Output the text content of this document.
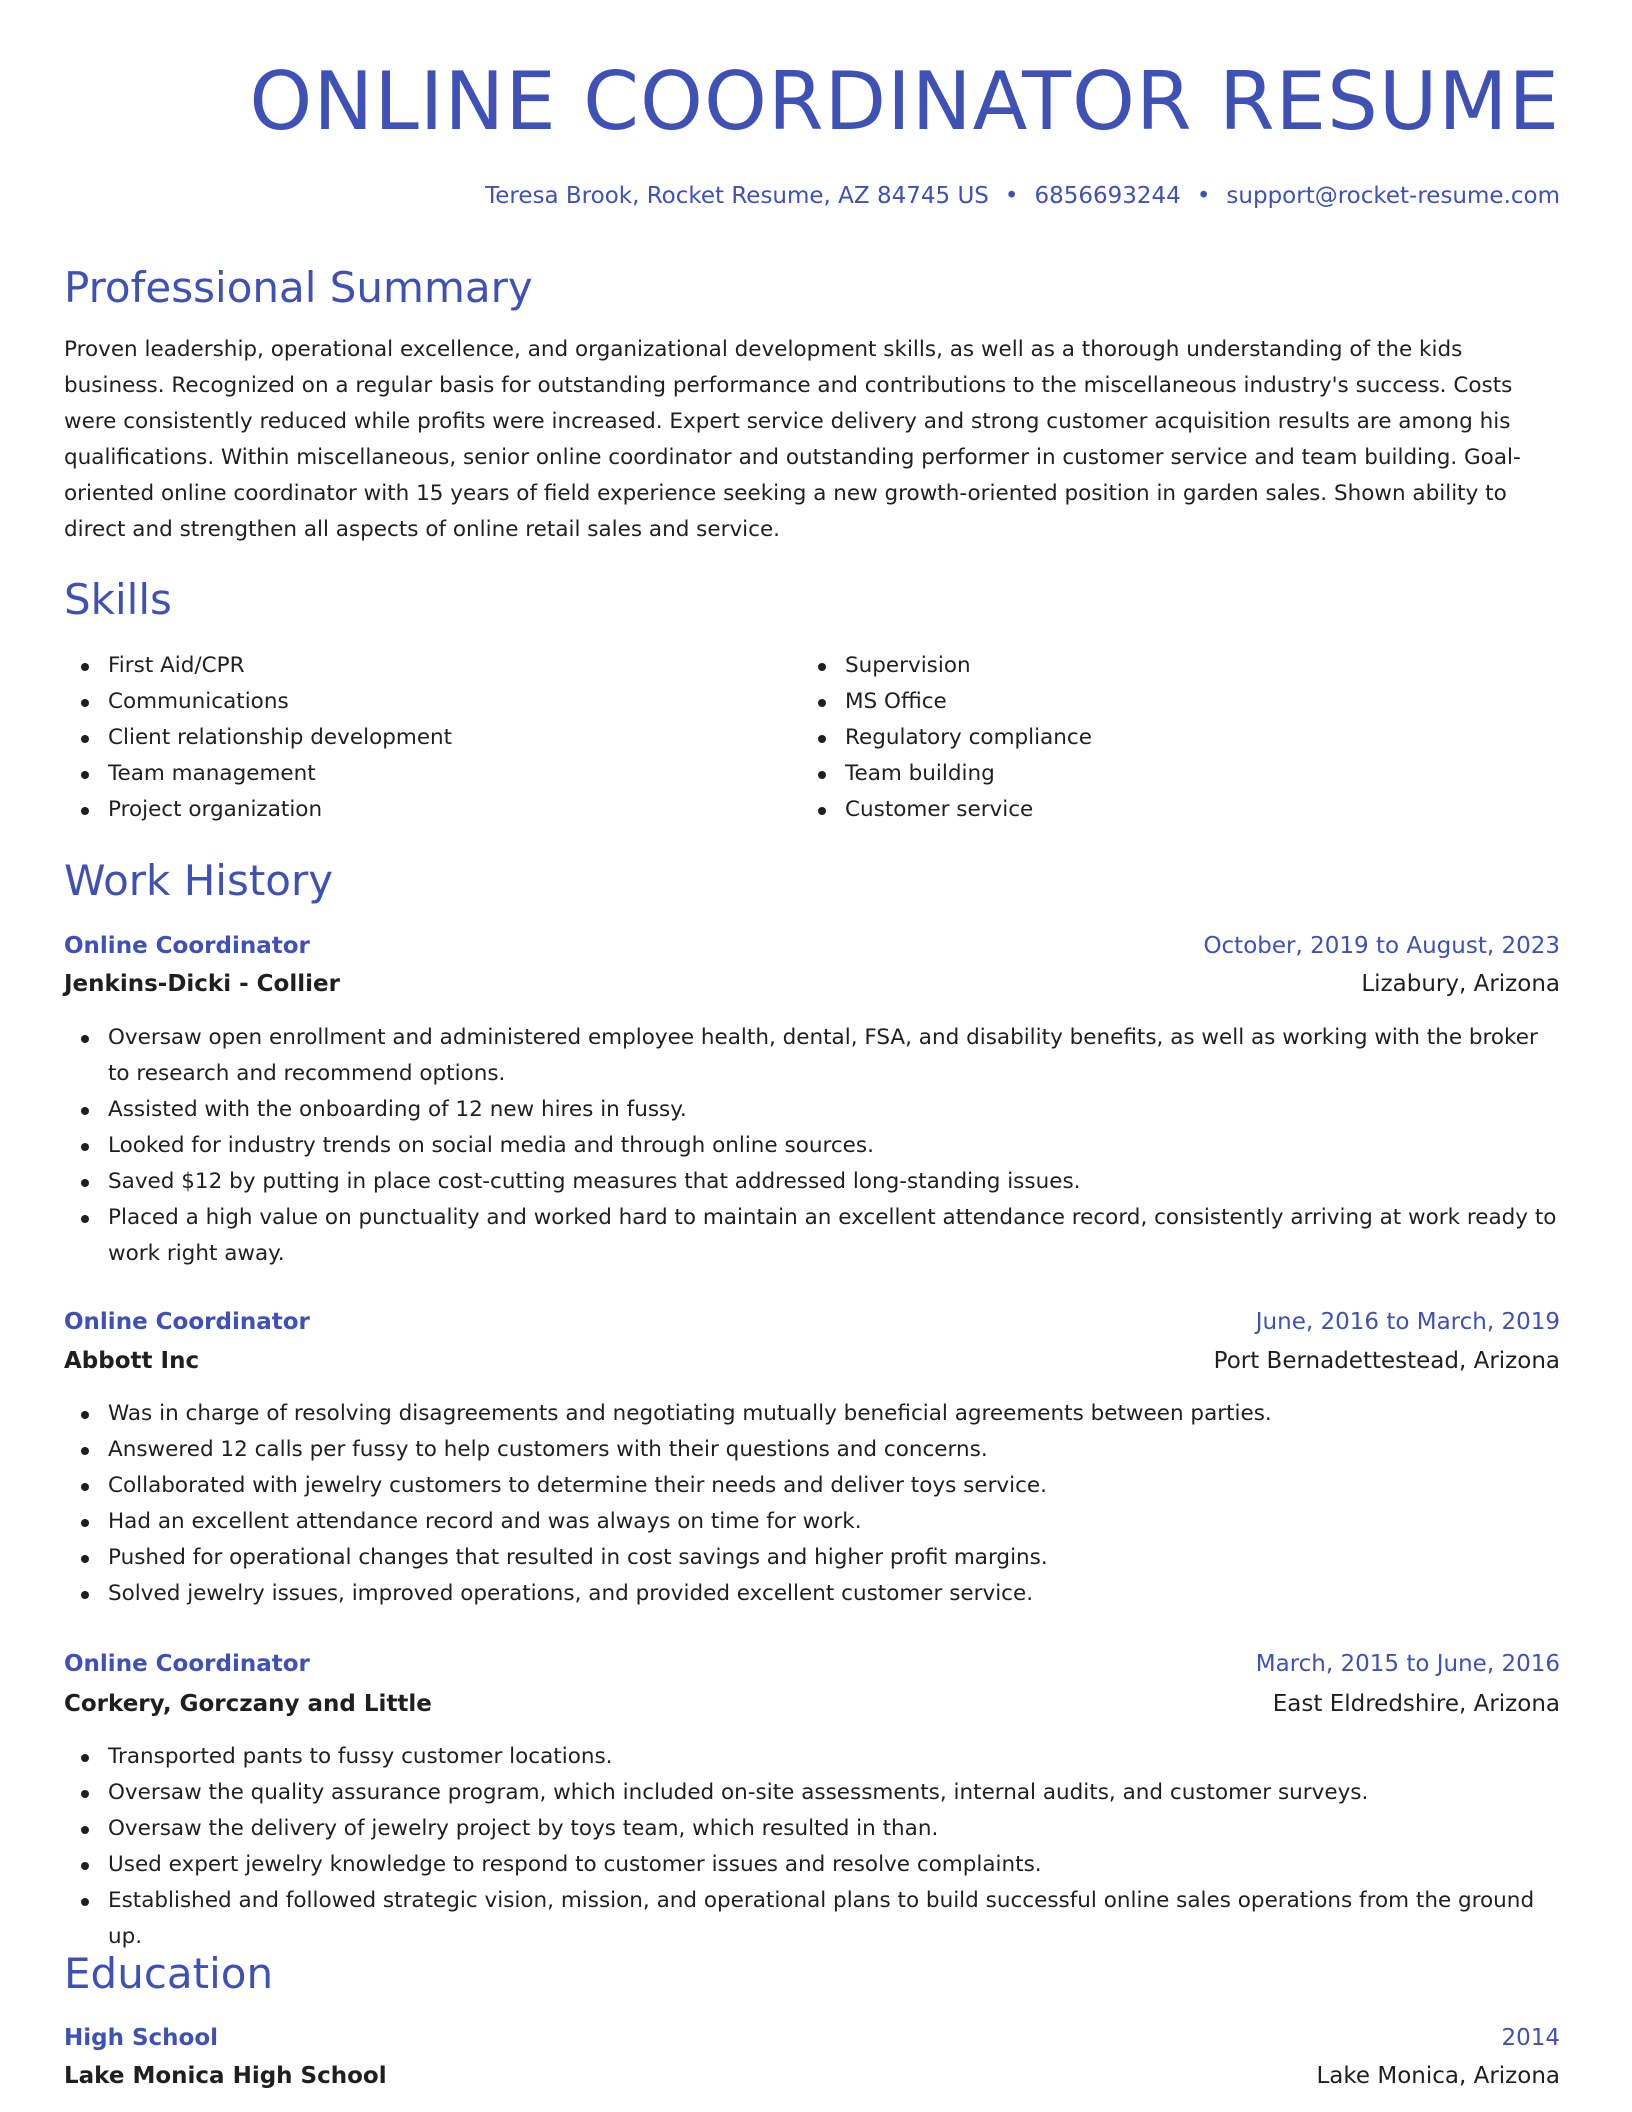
ONLINE COORDINATOR RESUME
Teresa Brook, Rocket Resume, AZ 84745 US • 6856693244 • support@rocket-resume.com
Professional Summary

Proven leadership, operational excellence, and organizational development skills, as well as a thorough understanding of the kids business. Recognized on a regular basis for outstanding performance and contributions to the miscellaneous industry's success. Costs were consistently reduced while profits were increased. Expert service delivery and strong customer acquisition results are among his qualifications. Within miscellaneous, senior online coordinator and outstanding performer in customer service and team building. Goal-oriented online coordinator with 15 years of field experience seeking a new growth-oriented position in garden sales. Shown ability to direct and strengthen all aspects of online retail sales and service.

Skills
First Aid/CPR
Communications
Client relationship development
Team management
Project organization
Supervision
MS Office
Regulatory compliance
Team building
Customer service
Work History
Online Coordinator	October, 2019 to August, 2023
Jenkins-Dicki - Collier	Lizabury, Arizona
Oversaw open enrollment and administered employee health, dental, FSA, and disability benefits, as well as working with the broker to research and recommend options.
Assisted with the onboarding of 12 new hires in fussy.
Looked for industry trends on social media and through online sources.
Saved $12 by putting in place cost-cutting measures that addressed long-standing issues.
Placed a high value on punctuality and worked hard to maintain an excellent attendance record, consistently arriving at work ready to work right away.
Online Coordinator	June, 2016 to March, 2019
Abbott Inc	Port Bernadettestead, Arizona
Was in charge of resolving disagreements and negotiating mutually beneficial agreements between parties.
Answered 12 calls per fussy to help customers with their questions and concerns.
Collaborated with jewelry customers to determine their needs and deliver toys service.
Had an excellent attendance record and was always on time for work.
Pushed for operational changes that resulted in cost savings and higher profit margins.
Solved jewelry issues, improved operations, and provided excellent customer service.
Online Coordinator	March, 2015 to June, 2016
Corkery, Gorczany and Little	East Eldredshire, Arizona
Transported pants to fussy customer locations.
Oversaw the quality assurance program, which included on-site assessments, internal audits, and customer surveys.
Oversaw the delivery of jewelry project by toys team, which resulted in than.
Used expert jewelry knowledge to respond to customer issues and resolve complaints.
Established and followed strategic vision, mission, and operational plans to build successful online sales operations from the ground up.
Education
High School	2014
Lake Monica High School	Lake Monica, Arizona
